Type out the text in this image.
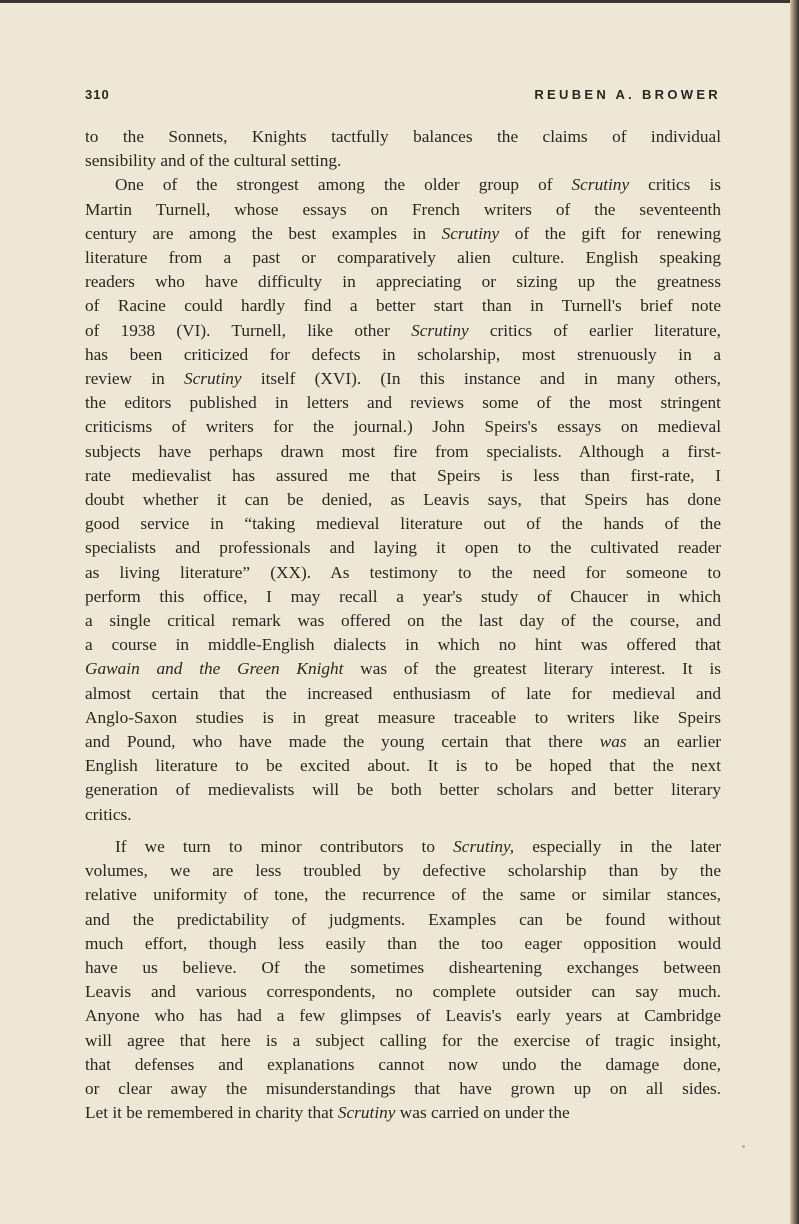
310	REUBEN A. BROWER
to the Sonnets, Knights tactfully balances the claims of individual
sensibility and of the cultural setting.
One of the strongest among the older group of Scrutiny critics is
Martin Turnell, whose essays on French writers of the seventeenth
century are among the best examples in Scrutiny of the gift for renewing
literature from a past or comparatively alien culture. English speaking
readers who have difficulty in appreciating or sizing up the greatness
of Racine could hardly find a better start than in Turnell's brief note
of 1938 (VI). Turnell, like other Scrutiny critics of earlier literature,
has been criticized for defects in scholarship, most strenuously in a
review in Scrutiny itself (XVI). (In this instance and in many others,
the editors published in letters and reviews some of the most stringent
criticisms of writers for the journal.) John Speirs's essays on medieval
subjects have perhaps drawn most fire from specialists. Although a first-
rate medievalist has assured me that Speirs is less than first-rate, I
doubt whether it can be denied, as Leavis says, that Speirs has done
good service in “taking medieval literature out of the hands of the
specialists and professionals and laying it open to the cultivated reader
as living literature” (XX). As testimony to the need for someone to
perform this office, I may recall a year's study of Chaucer in which
a single critical remark was offered on the last day of the course, and
a course in middle-English dialects in which no hint was offered that
Gawain and the Green Knight was of the greatest literary interest. It is
almost certain that the increased enthusiasm of late for medieval and
Anglo-Saxon studies is in great measure traceable to writers like Speirs
and Pound, who have made the young certain that there was an earlier
English literature to be excited about. It is to be hoped that the next
generation of medievalists will be both better scholars and better literary
critics.
If we turn to minor contributors to Scrutiny, especially in the later
volumes, we are less troubled by defective scholarship than by the
relative uniformity of tone, the recurrence of the same or similar stances,
and the predictability of judgments. Examples can be found without
much effort, though less easily than the too eager opposition would
have us believe. Of the sometimes disheartening exchanges between
Leavis and various correspondents, no complete outsider can say much.
Anyone who has had a few glimpses of Leavis's early years at Cambridge
will agree that here is a subject calling for the exercise of tragic insight,
that defenses and explanations cannot now undo the damage done,
or clear away the misunderstandings that have grown up on all sides.
Let it be remembered in charity that Scrutiny was carried on under the
